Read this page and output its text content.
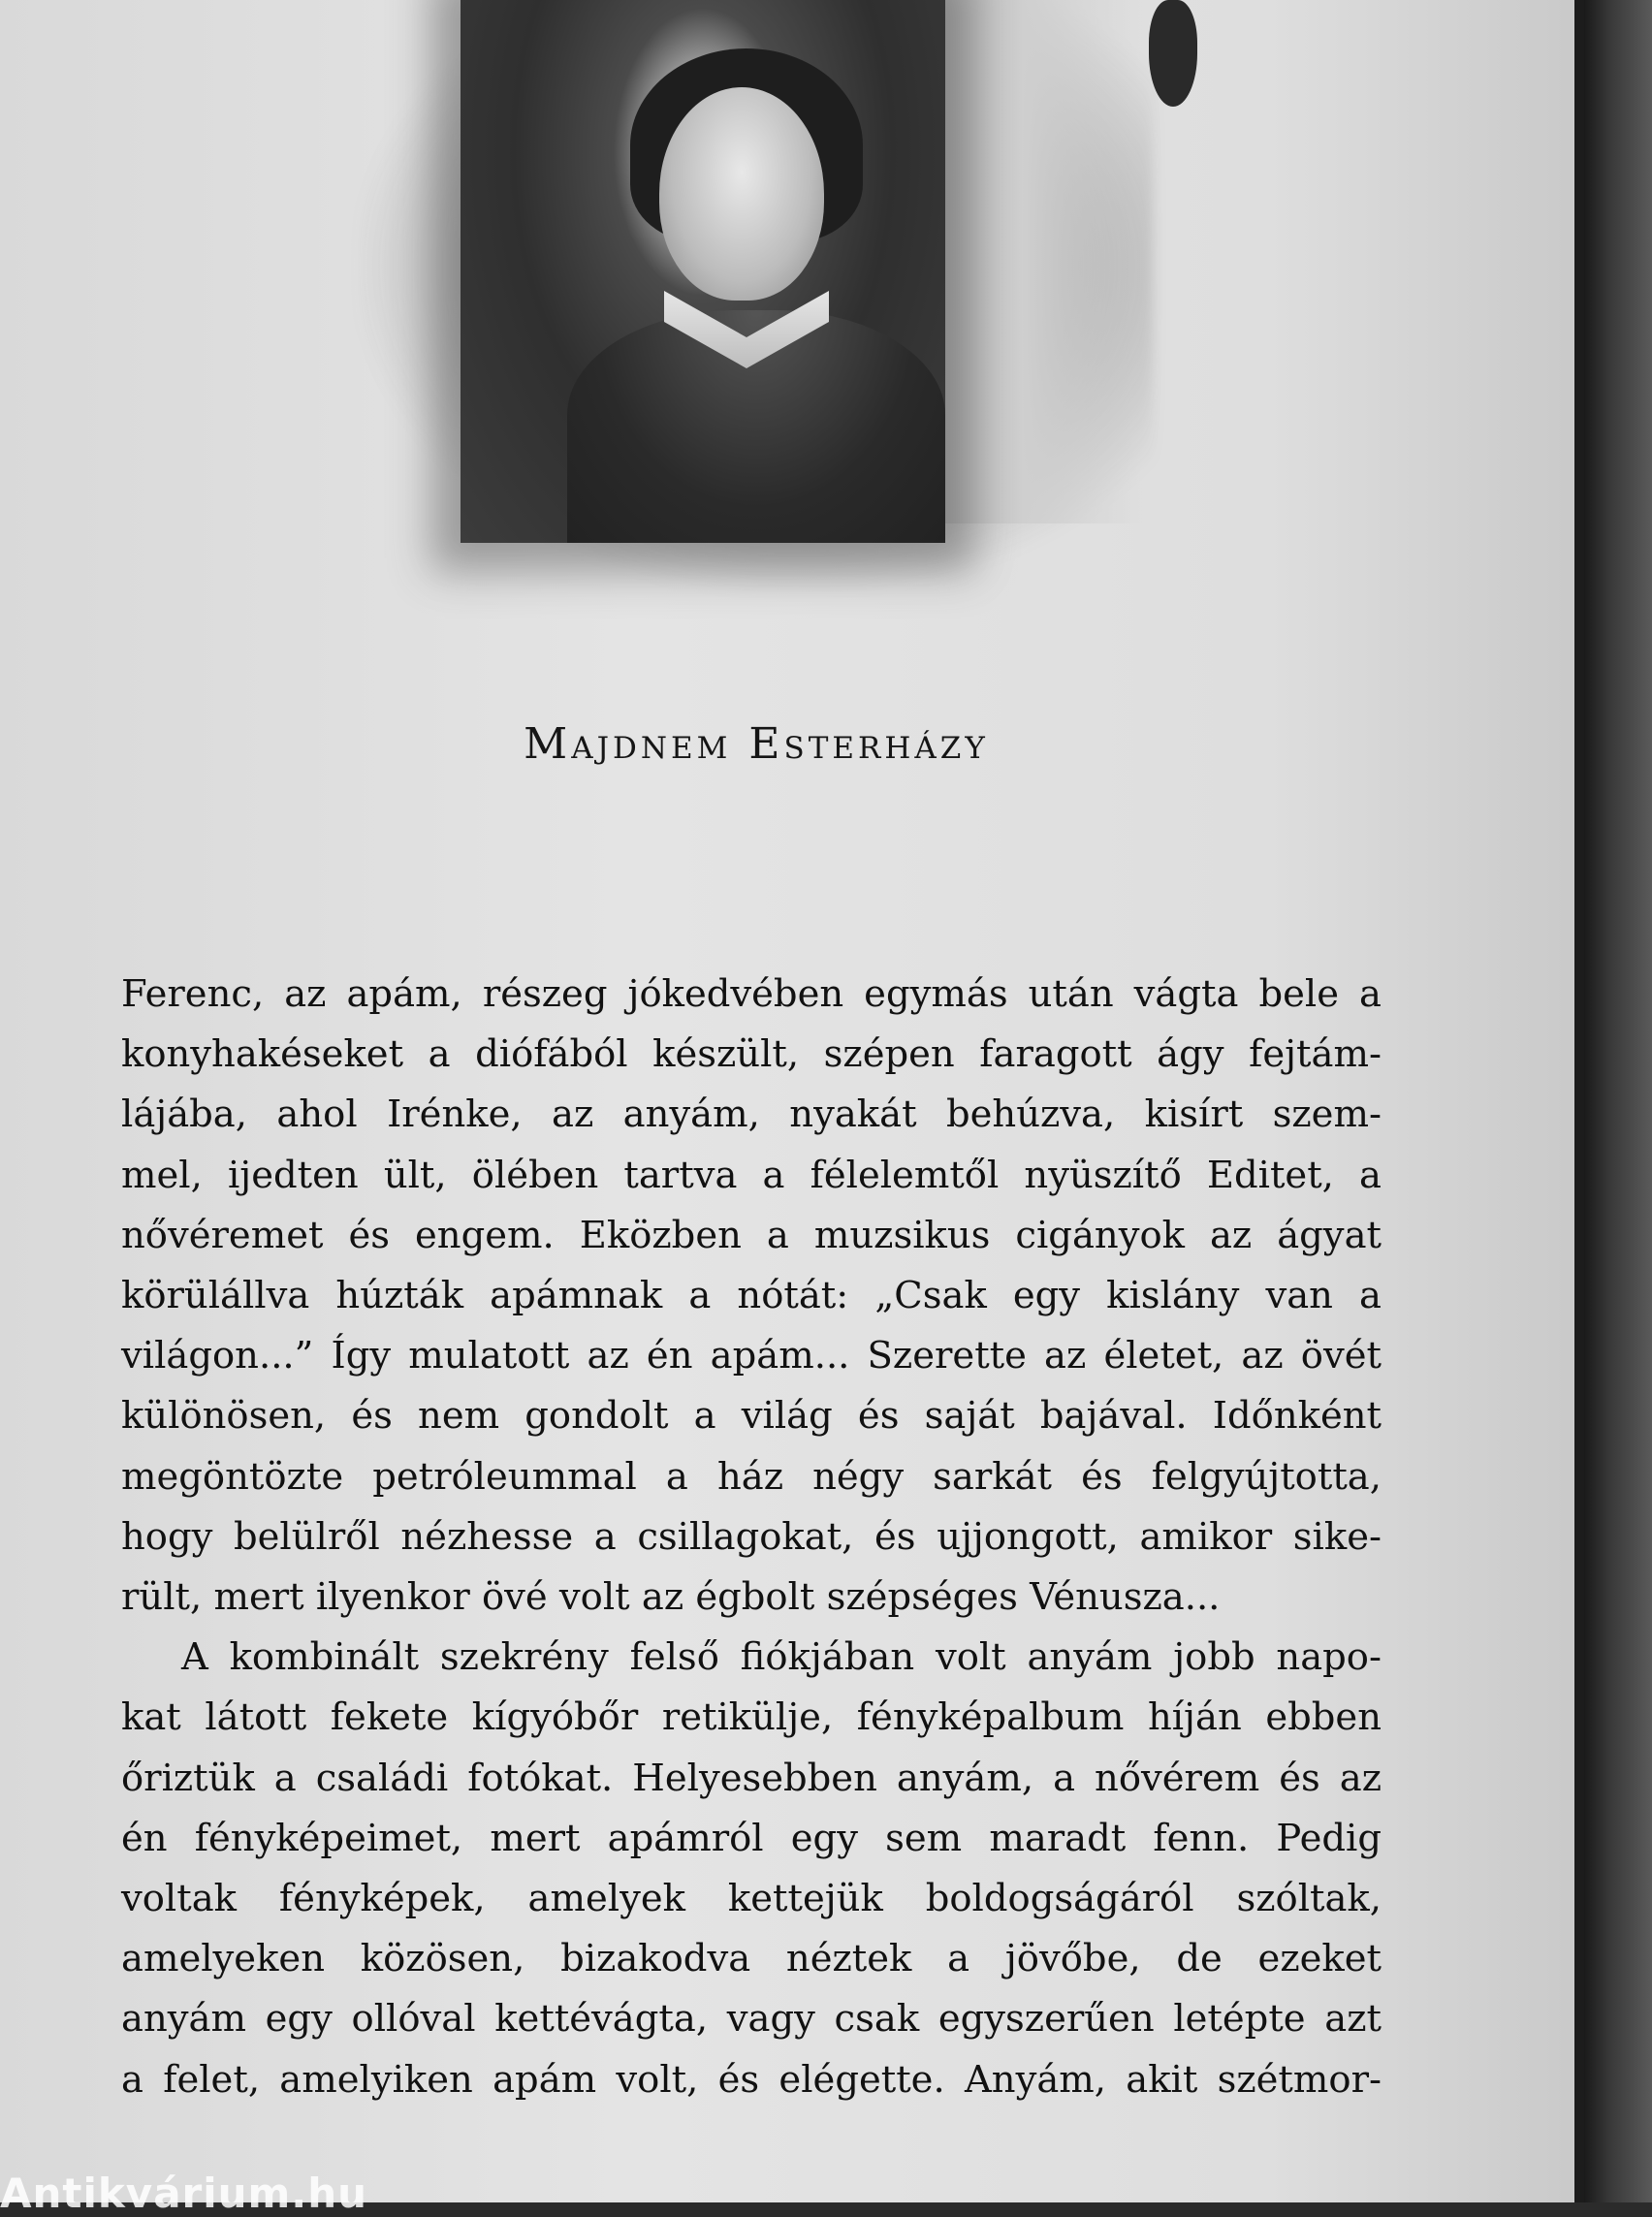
Majdnem Esterházy

Ferenc, az apám, részeg jókedvében egymás után vágta bele a
konyhakéseket a diófából készült, szépen faragott ágy fejtám-
lájába, ahol Irénke, az anyám, nyakát behúzva, kisírt szem-
mel, ijedten ült, ölében tartva a félelemtől nyüszítő Editet, a
nővéremet és engem. Eközben a muzsikus cigányok az ágyat
körülállva húzták apámnak a nótát: „Csak egy kislány van a
világon...” Így mulatott az én apám... Szerette az életet, az övét
különösen, és nem gondolt a világ és saját bajával. Időnként
megöntözte petróleummal a ház négy sarkát és felgyújtotta,
hogy belülről nézhesse a csillagokat, és ujjongott, amikor sike-
rült, mert ilyenkor övé volt az égbolt szépséges Vénusza...

A kombinált szekrény felső fiókjában volt anyám jobb napo-
kat látott fekete kígyóbőr retikülje, fényképalbum híján ebben
őriztük a családi fotókat. Helyesebben anyám, a nővérem és az
én fényképeimet, mert apámról egy sem maradt fenn. Pedig
voltak fényképek, amelyek kettejük boldogságáról szóltak,
amelyeken közösen, bizakodva néztek a jövőbe, de ezeket
anyám egy ollóval kettévágta, vagy csak egyszerűen letépte azt
a felet, amelyiken apám volt, és elégette. Anyám, akit szétmor-

Antikvárium.hu
